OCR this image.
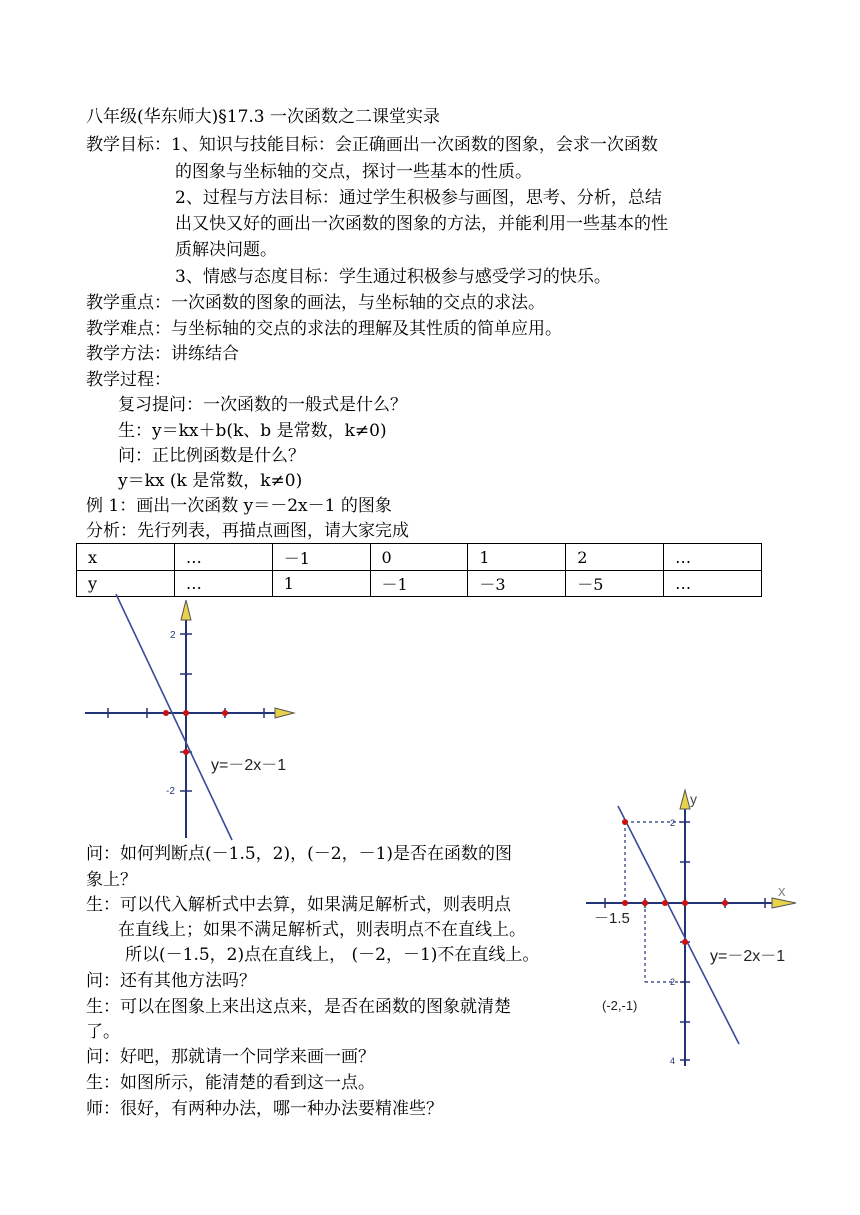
八年级(华东师大)§17.3 一次函数之二课堂实录
教学目标：1、知识与技能目标：会正确画出一次函数的图象，会求一次函数
的图象与坐标轴的交点，探讨一些基本的性质。
2、过程与方法目标：通过学生积极参与画图，思考、分析，总结
出又快又好的画出一次函数的图象的方法，并能利用一些基本的性
质解决问题。
3、情感与态度目标：学生通过积极参与感受学习的快乐。
教学重点：一次函数的图象的画法，与坐标轴的交点的求法。
教学难点：与坐标轴的交点的求法的理解及其性质的简单应用。
教学方法：讲练结合
教学过程：
复习提问：一次函数的一般式是什么？
生：y＝kx＋b(k、b 是常数，k≠0)
问：正比例函数是什么？
y＝kx (k 是常数，k≠0)
例 1：画出一次函数 y＝－2x－1 的图象
分析：先行列表，再描点画图，请大家完成
x	…	－1	0	1	2	…
y	…	1	－1	－3	－5	…
2
-2
y=－2x－1
问：如何判断点(－1.5，2)，(－2，－1)是否在函数的图
象上？
生：可以代入解析式中去算，如果满足解析式，则表明点
在直线上；如果不满足解析式，则表明点不在直线上。
所以(－1.5，2)点在直线上， (－2，－1)不在直线上。
问：还有其他方法吗？
生：可以在图象上来出这点来，是否在函数的图象就清楚
了。
问：好吧，那就请一个同学来画一画？
生：如图所示，能清楚的看到这一点。
师：很好，有两种办法，哪一种办法要精准些？
x
y
2
2
4
－1.5
y=－2x－1
(-2,-1)
